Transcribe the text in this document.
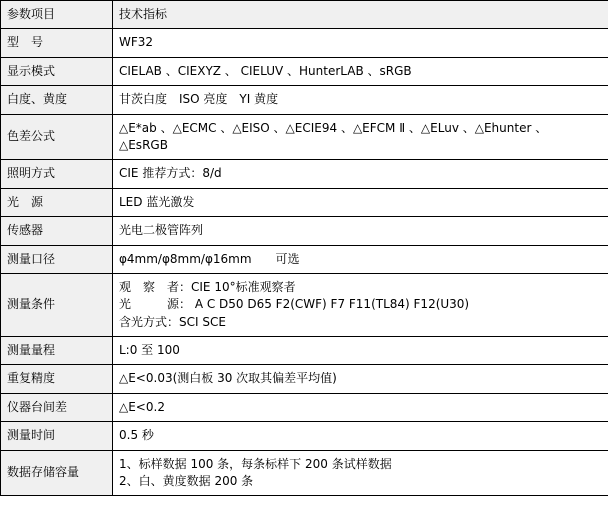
参数项目	技术指标
型　号	WF32

显示模式	CIELAB 、CIEXYZ 、 CIELUV 、HunterLAB 、sRGB

白度、黄度	甘茨白度　ISO 亮度　YI 黄度

色差公式	△E*ab 、△ECMC 、△EISO 、△ECIE94 、△EFCM Ⅱ 、△ELuv 、△Ehunter 、
△EsRGB

照明方式	CIE 推荐方式：8/d

光　源	LED 蓝光激发

传感器	光电二极管阵列

测量口径	φ4mm/φ8mm/φ16mm　　可选

测量条件	观　察　者：CIE 10°标准观察者
光　　　源： A C D50 D65 F2(CWF) F7 F11(TL84) F12(U30)
含光方式：SCI SCE

测量量程	L:0 至 100

重复精度	△E<0.03(测白板 30 次取其偏差平均值)

仪器台间差	△E<0.2

测量时间	0.5 秒

数据存储容量	1、标样数据 100 条，每条标样下 200 条试样数据
2、白、黄度数据 200 条
